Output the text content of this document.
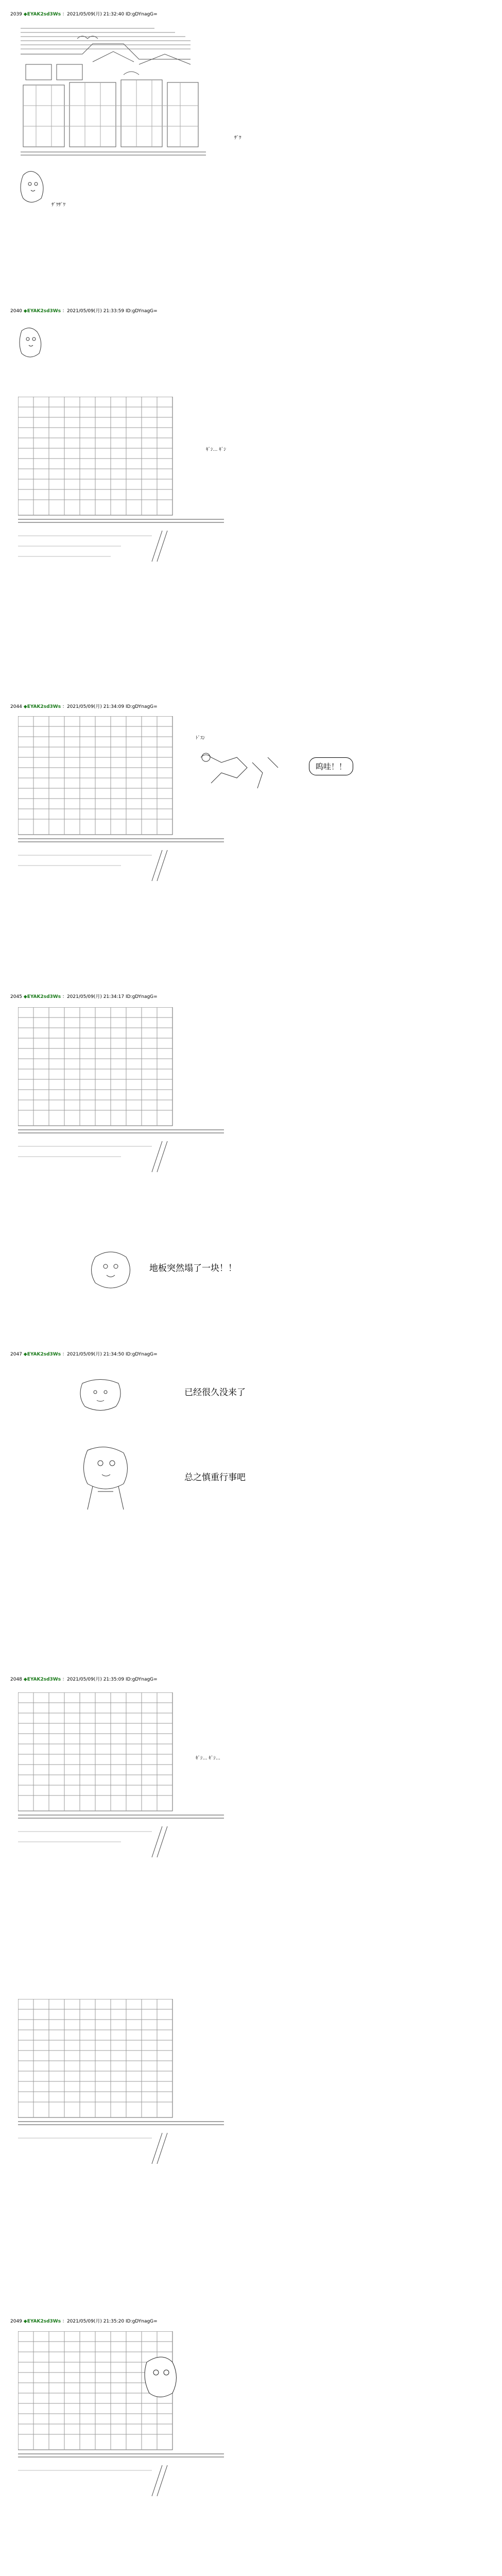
2039 ◆EYAK2sd3Ws ：2021/05/09(月) 21:32:40 ID:gDYnagG=
2040 ◆EYAK2sd3Ws ：2021/05/09(月) 21:33:59 ID:gDYnagG=
2044 ◆EYAK2sd3Ws ：2021/05/09(月) 21:34:09 ID:gDYnagG=
2045 ◆EYAK2sd3Ws ：2021/05/09(月) 21:34:17 ID:gDYnagG=
2047 ◆EYAK2sd3Ws ：2021/05/09(月) 21:34:50 ID:gDYnagG=
2048 ◆EYAK2sd3Ws ：2021/05/09(月) 21:35:09 ID:gDYnagG=
2049 ◆EYAK2sd3Ws ：2021/05/09(月) 21:35:20 ID:gDYnagG=
ｻﾞﾜ
ｻﾞﾜｻﾞﾜ
ｷﾞｼ… ｷﾞｼ
ﾄﾞｽﾝ
呜哇！！
地板突然塌了一块！！
已经很久没来了
总之慎重行事吧
ｷﾞｼ… ｷﾞｼ…
